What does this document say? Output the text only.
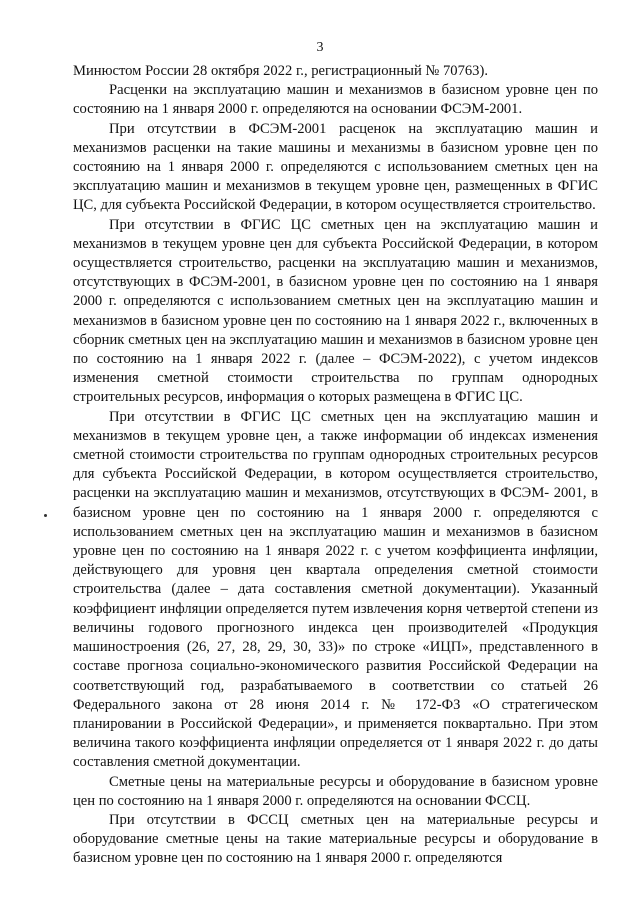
3

Минюстом России 28 октября 2022 г., регистрационный № 70763).

Расценки на эксплуатацию машин и механизмов в базисном уровне цен по состоянию на 1 января 2000 г. определяются на основании ФСЭМ-2001.

При отсутствии в ФСЭМ-2001 расценок на эксплуатацию машин и механизмов расценки на такие машины и механизмы в базисном уровне цен по состоянию на 1 января 2000 г. определяются с использованием сметных цен на эксплуатацию машин и механизмов в текущем уровне цен, размещенных в ФГИС ЦС, для субъекта Российской Федерации, в котором осуществляется строительство.

При отсутствии в ФГИС ЦС сметных цен на эксплуатацию машин и механизмов в текущем уровне цен для субъекта Российской Федерации, в котором осуществляется строительство, расценки на эксплуатацию машин и механизмов, отсутствующих в ФСЭМ-2001, в базисном уровне цен по состоянию на 1 января 2000 г. определяются с использованием сметных цен на эксплуатацию машин и механизмов в базисном уровне цен по состоянию на 1 января 2022 г., включенных в сборник сметных цен на эксплуатацию машин и механизмов в базисном уровне цен по состоянию на 1 января 2022 г. (далее – ФСЭМ-2022), с учетом индексов изменения сметной стоимости строительства по группам однородных строительных ресурсов, информация о которых размещена в ФГИС ЦС.

При отсутствии в ФГИС ЦС сметных цен на эксплуатацию машин и механизмов в текущем уровне цен, а также информации об индексах изменения сметной стоимости строительства по группам однородных строительных ресурсов для субъекта Российской Федерации, в котором осуществляется строительство, расценки на эксплуатацию машин и механизмов, отсутствующих в ФСЭМ- 2001, в базисном уровне цен по состоянию на 1 января 2000 г. определяются с использованием сметных цен на эксплуатацию машин и механизмов в базисном уровне цен по состоянию на 1 января 2022 г. с учетом коэффициента инфляции, действующего для уровня цен квартала определения сметной стоимости строительства (далее – дата составления сметной документации). Указанный коэффициент инфляции определяется путем извлечения корня четвертой степени из величины годового прогнозного индекса цен производителей «Продукция машиностроения (26, 27, 28, 29, 30, 33)» по строке «ИЦП», представленного в составе прогноза социально-экономического развития Российской Федерации на соответствующий год, разрабатываемого в соответствии со статьей 26 Федерального закона от 28 июня 2014 г. № 172-ФЗ «О стратегическом планировании в Российской Федерации», и применяется поквартально. При этом величина такого коэффициента инфляции определяется от 1 января 2022 г. до даты составления сметной документации.

Сметные цены на материальные ресурсы и оборудование в базисном уровне цен по состоянию на 1 января 2000 г. определяются на основании ФССЦ.

При отсутствии в ФССЦ сметных цен на материальные ресурсы и оборудование сметные цены на такие материальные ресурсы и оборудование в базисном уровне цен по состоянию на 1 января 2000 г. определяются
